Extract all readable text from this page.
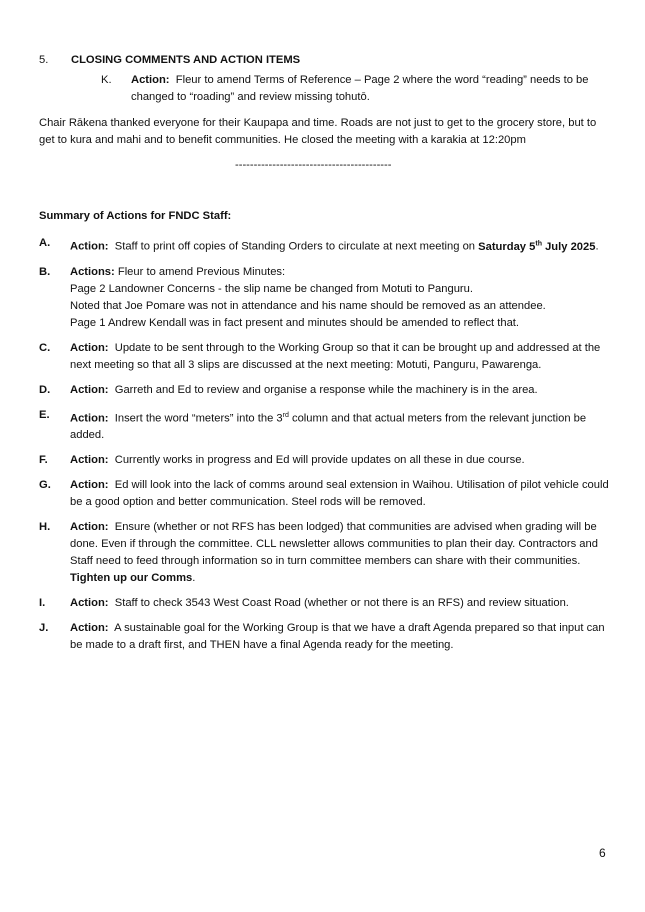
5. CLOSING COMMENTS AND ACTION ITEMS
K. Action: Fleur to amend Terms of Reference – Page 2 where the word “reading” needs to be changed to “roading” and review missing tohutō.
Chair Rākena thanked everyone for their Kaupapa and time. Roads are not just to get to the grocery store, but to get to kura and mahi and to benefit communities. He closed the meeting with a karakia at 12:20pm
------------------------------------------
Summary of Actions for FNDC Staff:
A. Action: Staff to print off copies of Standing Orders to circulate at next meeting on Saturday 5th July 2025.
B. Actions: Fleur to amend Previous Minutes:
Page 2 Landowner Concerns - the slip name be changed from Motuti to Panguru.
Noted that Joe Pomare was not in attendance and his name should be removed as an attendee.
Page 1 Andrew Kendall was in fact present and minutes should be amended to reflect that.
C. Action: Update to be sent through to the Working Group so that it can be brought up and addressed at the next meeting so that all 3 slips are discussed at the next meeting: Motuti, Panguru, Pawarenga.
D. Action: Garreth and Ed to review and organise a response while the machinery is in the area.
E. Action: Insert the word “meters” into the 3rd column and that actual meters from the relevant junction be added.
F. Action: Currently works in progress and Ed will provide updates on all these in due course.
G. Action: Ed will look into the lack of comms around seal extension in Waihou. Utilisation of pilot vehicle could be a good option and better communication. Steel rods will be removed.
H. Action: Ensure (whether or not RFS has been lodged) that communities are advised when grading will be done. Even if through the committee. CLL newsletter allows communities to plan their day. Contractors and Staff need to feed through information so in turn committee members can share with their communities. Tighten up our Comms.
I. Action: Staff to check 3543 West Coast Road (whether or not there is an RFS) and review situation.
J. Action: A sustainable goal for the Working Group is that we have a draft Agenda prepared so that input can be made to a draft first, and THEN have a final Agenda ready for the meeting.
6
